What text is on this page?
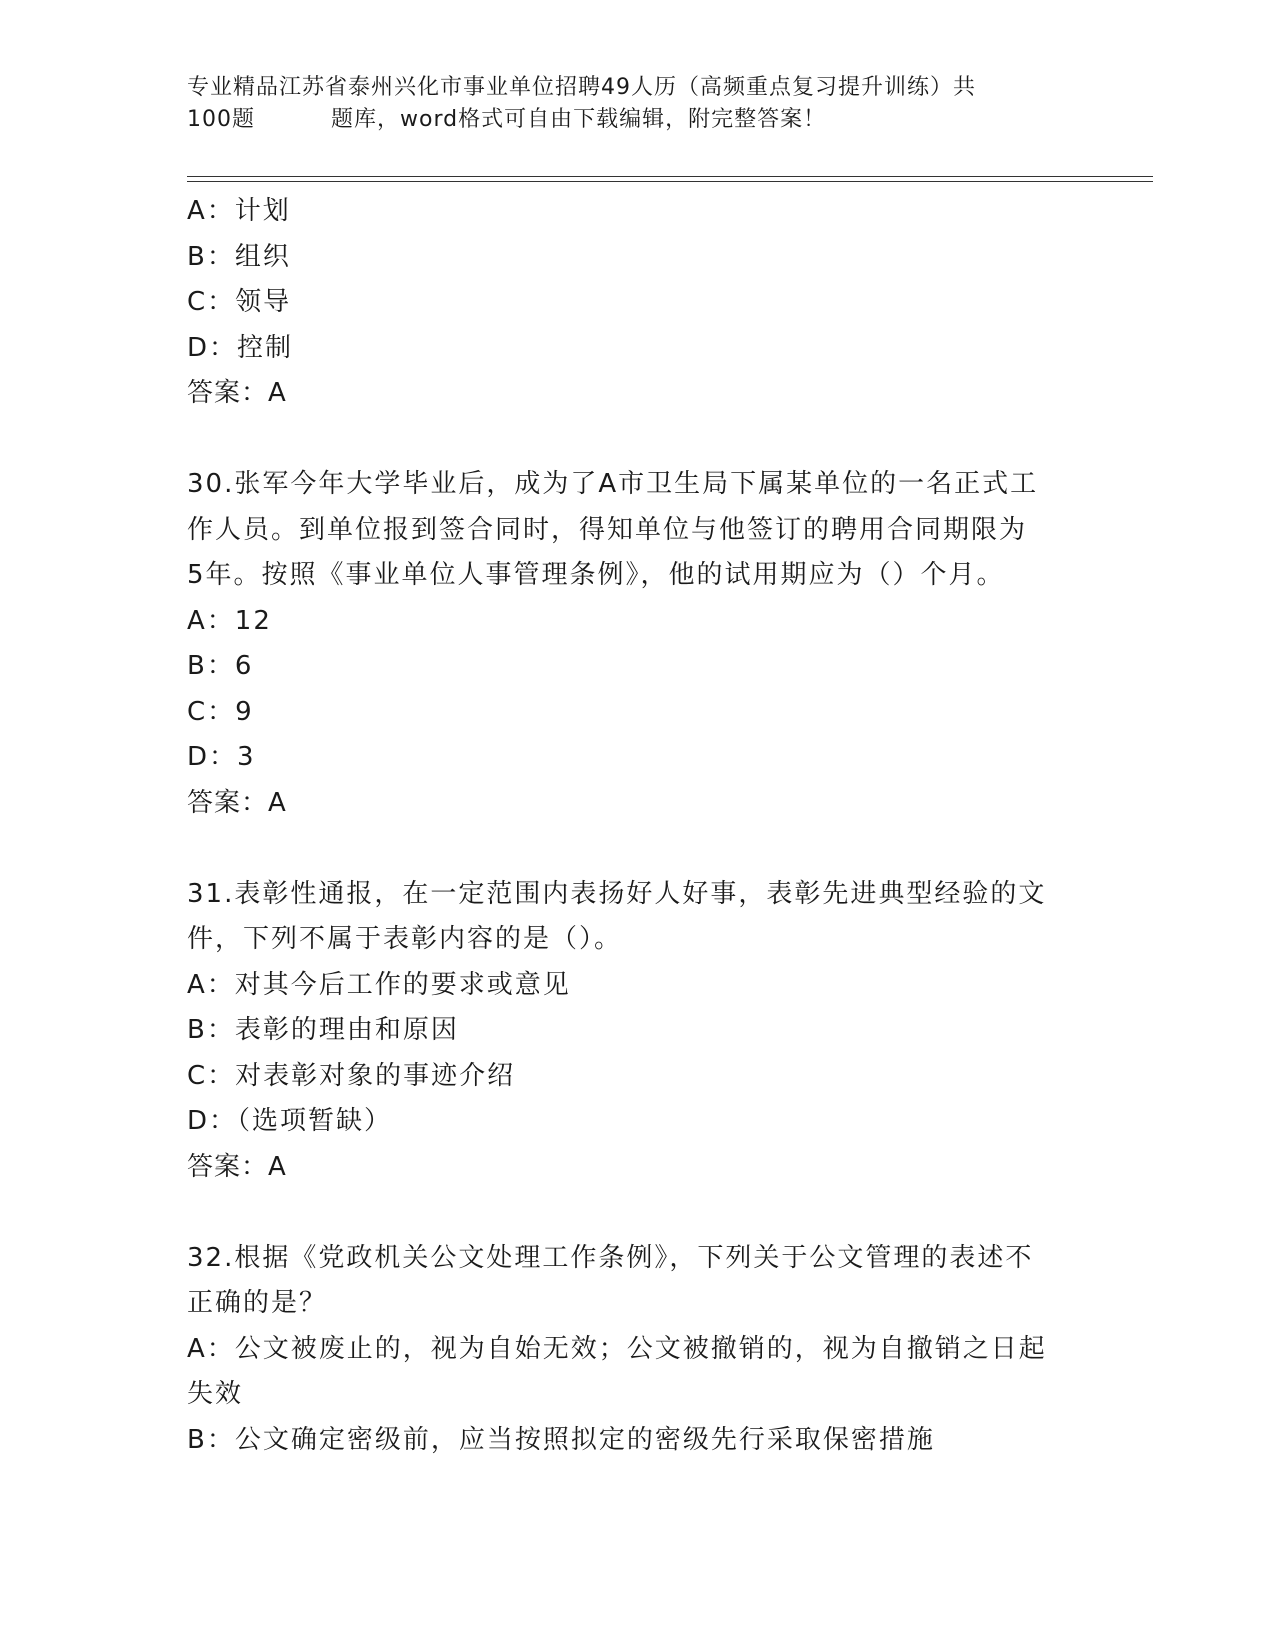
专业精品江苏省泰州兴化市事业单位招聘49人历（高频重点复习提升训练）共
100题	题库，word格式可自由下载编辑，附完整答案！
A：计划
B：组织
C：领导
D：控制
答案：A
30.张军今年大学毕业后，成为了A市卫生局下属某单位的一名正式工
作人员。到单位报到签合同时，得知单位与他签订的聘用合同期限为
5年。按照《事业单位人事管理条例》，他的试用期应为（）个月。
A：12
B：6
C：9
D：3
答案：A
31.表彰性通报，在一定范围内表扬好人好事，表彰先进典型经验的文
件，下列不属于表彰内容的是（）。
A：对其今后工作的要求或意见
B：表彰的理由和原因
C：对表彰对象的事迹介绍
D：（选项暂缺）
答案：A
32.根据《党政机关公文处理工作条例》，下列关于公文管理的表述不
正确的是？
A：公文被废止的，视为自始无效；公文被撤销的，视为自撤销之日起
失效
B：公文确定密级前，应当按照拟定的密级先行采取保密措施
